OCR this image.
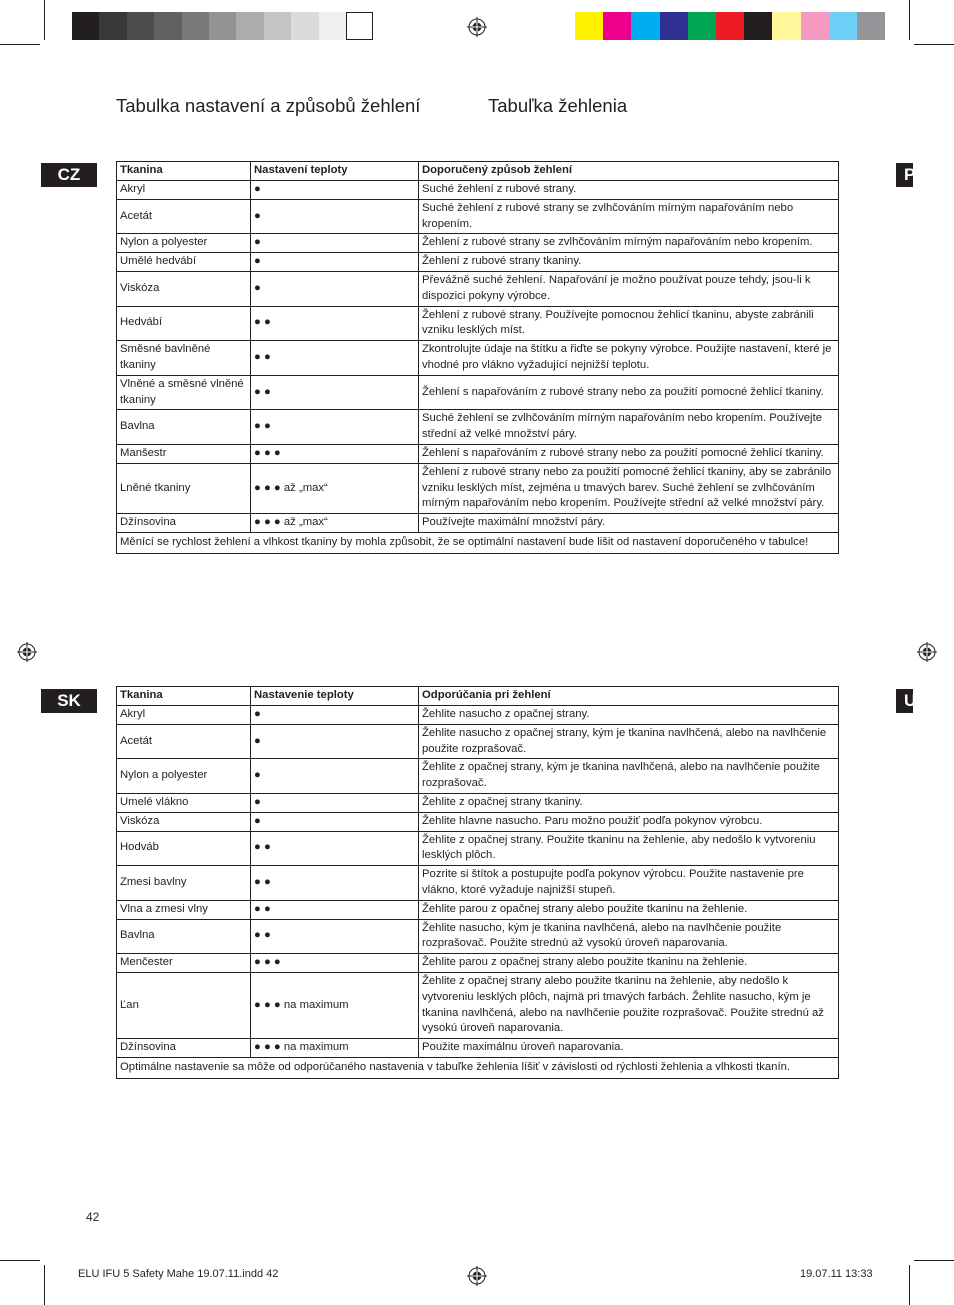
Tabulka nastavení a způsobů žehlení	Tabuľka žehlenia
CZ
SK
P
U
Tkanina	Nastavení teploty	Doporučený způsob žehlení
Akryl	●	Suché žehlení z rubové strany.
Acetát	●	Suché žehlení z rubové strany se zvlhčováním mírným napařováním nebo kropením.
Nylon a polyester	●	Žehlení z rubové strany se zvlhčováním mírným napařováním nebo kropením.
Umělé hedvábí	●	Žehlení z rubové strany tkaniny.
Viskóza	●	Převážně suché žehlení. Napařování je možno používat pouze tehdy, jsou-li k dispozici pokyny výrobce.
Hedvábí	● ●	Žehlení z rubové strany. Používejte pomocnou žehlicí tkaninu, abyste zabránili vzniku lesklých míst.
Směsné bavlněné tkaniny	● ●	Zkontrolujte údaje na štítku a řiďte se pokyny výrobce. Použijte nastavení, které je vhodné pro vlákno vyžadující nejnižší teplotu.
Vlněné a směsné vlněné tkaniny	● ●	Žehlení s napařováním z rubové strany nebo za použití pomocné žehlicí tkaniny.
Bavlna	● ●	Suché žehlení se zvlhčováním mírným napařováním nebo kropením. Používejte střední až velké množství páry.
Manšestr	● ● ●	Žehlení s napařováním z rubové strany nebo za použití pomocné žehlicí tkaniny.
Lněné tkaniny	● ● ● až „max“	Žehlení z rubové strany nebo za použití pomocné žehlicí tkaniny, aby se zabránilo vzniku lesklých míst, zejména u tmavých barev. Suché žehlení se zvlhčováním mírným napařováním nebo kropením. Používejte střední až velké množství páry.
Džínsovina	● ● ● až „max“	Používejte maximální množství páry.
Měnící se rychlost žehlení a vlhkost tkaniny by mohla způsobit, že se optimální nastavení bude lišit od nastavení doporučeného v tabulce!		
Tkanina	Nastavenie teploty	Odporúčania pri žehlení
Akryl	●	Žehlite nasucho z opačnej strany.
Acetát	●	Žehlite nasucho z opačnej strany, kým je tkanina navlhčená, alebo na navlhčenie použite rozprašovač.
Nylon a polyester	●	Žehlite z opačnej strany, kým je tkanina navlhčená, alebo na navlhčenie použite rozprašovač.
Umelé vlákno	●	Žehlite z opačnej strany tkaniny.
Viskóza	●	Žehlite hlavne nasucho. Paru možno použiť podľa pokynov výrobcu.
Hodváb	● ●	Žehlite z opačnej strany. Použite tkaninu na žehlenie, aby nedošlo k vytvoreniu lesklých plôch.
Zmesi bavlny	● ●	Pozrite si štítok a postupujte podľa pokynov výrobcu. Použite nastavenie pre vlákno, ktoré vyžaduje najnižší stupeň.
Vlna a zmesi vlny	● ●	Žehlite parou z opačnej strany alebo použite tkaninu na žehlenie.
Bavlna	● ●	Žehlite nasucho, kým je tkanina navlhčená, alebo na navlhčenie použite rozprašovač. Použite strednú až vysokú úroveň naparovania.
Menčester	● ● ●	Žehlite parou z opačnej strany alebo použite tkaninu na žehlenie.
Ľan	● ● ● na maximum	Žehlite z opačnej strany alebo použite tkaninu na žehlenie, aby nedošlo k vytvoreniu lesklých plôch, najmä pri tmavých farbách. Žehlite nasucho, kým je tkanina navlhčená, alebo na navlhčenie použite rozprašovač. Použite strednú až vysokú úroveň naparovania.
Džínsovina	● ● ● na maximum	Použite maximálnu úroveň naparovania.
Optimálne nastavenie sa môže od odporúčaného nastavenia v tabuľke žehlenia líšiť v závislosti od rýchlosti žehlenia a vlhkosti tkanín.		
42
ELU IFU 5 Safety Mahe 19.07.11.indd 42	19.07.11 13:33
